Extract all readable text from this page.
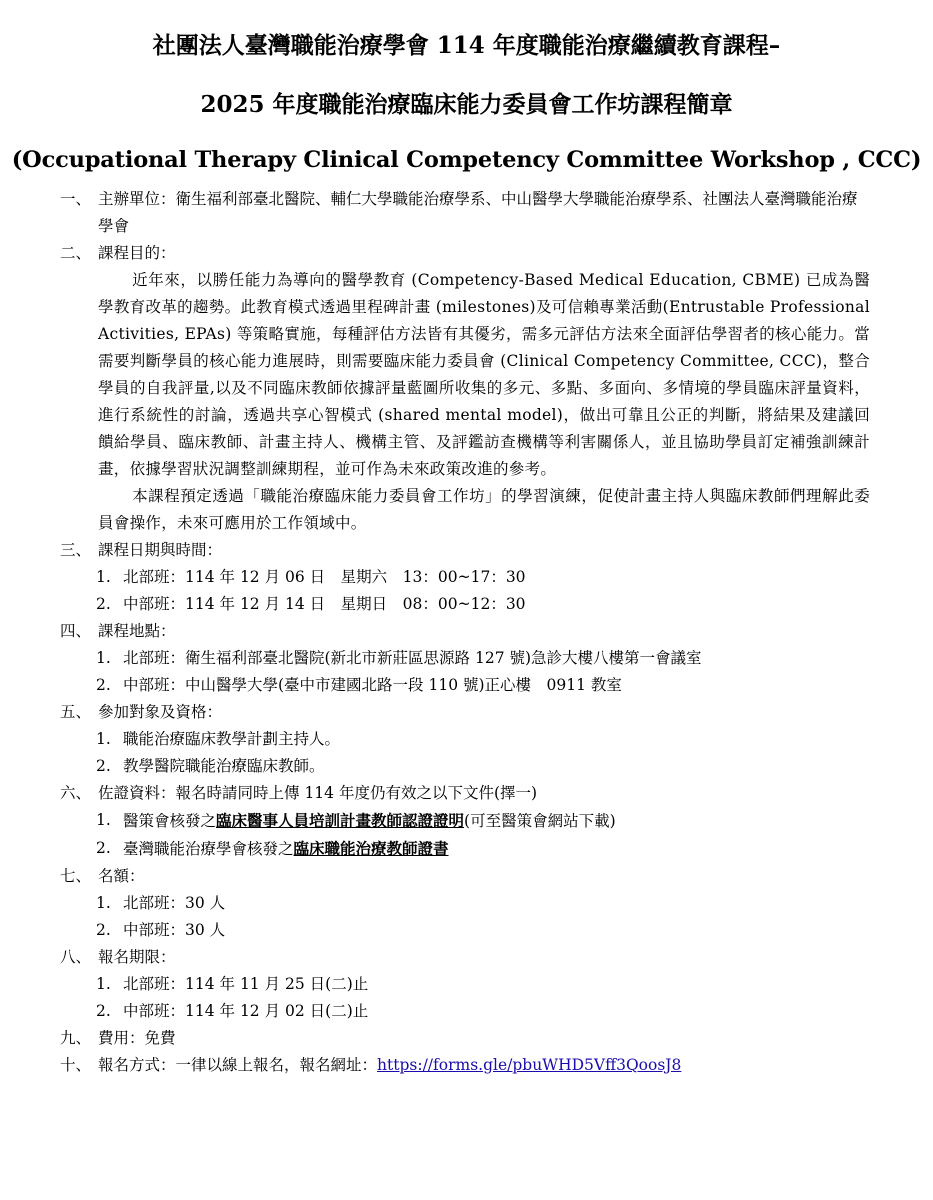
社團法人臺灣職能治療學會 114 年度職能治療繼續教育課程–
2025 年度職能治療臨床能力委員會工作坊課程簡章
(Occupational Therapy Clinical Competency Committee Workshop , CCC)
一、 主辦單位：衛生福利部臺北醫院、輔仁大學職能治療學系、中山醫學大學職能治療學系、社團法人臺灣職能治療學會
二、 課程目的：
近年來，以勝任能力為導向的醫學教育 (Competency-Based Medical Education, CBME) 已成為醫學教育改革的趨勢。此教育模式透過里程碑計畫 (milestones)及可信賴專業活動(Entrustable Professional Activities, EPAs) 等策略實施，每種評估方法皆有其優劣，需多元評估方法來全面評估學習者的核心能力。當需要判斷學員的核心能力進展時，則需要臨床能力委員會 (Clinical Competency Committee, CCC)，整合學員的自我評量,以及不同臨床教師依據評量藍圖所收集的多元、多點、多面向、多情境的學員臨床評量資料，進行系統性的討論，透過共享心智模式 (shared mental model)，做出可靠且公正的判斷，將結果及建議回饋給學員、臨床教師、計畫主持人、機構主管、及評鑑訪查機構等利害關係人，並且協助學員訂定補強訓練計畫，依據學習狀況調整訓練期程，並可作為未來政策改進的參考。
本課程預定透過「職能治療臨床能力委員會工作坊」的學習演練，促使計畫主持人與臨床教師們理解此委員會操作，未來可應用於工作領域中。
三、 課程日期與時間：
1. 北部班：114 年 12 月 06 日　星期六　13：00~17：30
2. 中部班：114 年 12 月 14 日　星期日　08：00~12：30
四、 課程地點：
1. 北部班：衛生福利部臺北醫院(新北市新莊區思源路 127 號)急診大樓八樓第一會議室
2. 中部班：中山醫學大學(臺中市建國北路一段 110 號)正心樓　0911 教室
五、 參加對象及資格：
1. 職能治療臨床教學計劃主持人。
2. 教學醫院職能治療臨床教師。
六、 佐證資料：報名時請同時上傳 114 年度仍有效之以下文件(擇一)
1. 醫策會核發之臨床醫事人員培訓計畫教師認證證明(可至醫策會網站下載)
2. 臺灣職能治療學會核發之臨床職能治療教師證書
七、 名額：
1. 北部班：30 人
2. 中部班：30 人
八、 報名期限：
1. 北部班：114 年 11 月 25 日(二)止
2. 中部班：114 年 12 月 02 日(二)止
九、 費用：免費
十、 報名方式：一律以線上報名，報名網址：https://forms.gle/pbuWHD5Vff3QoosJ8
